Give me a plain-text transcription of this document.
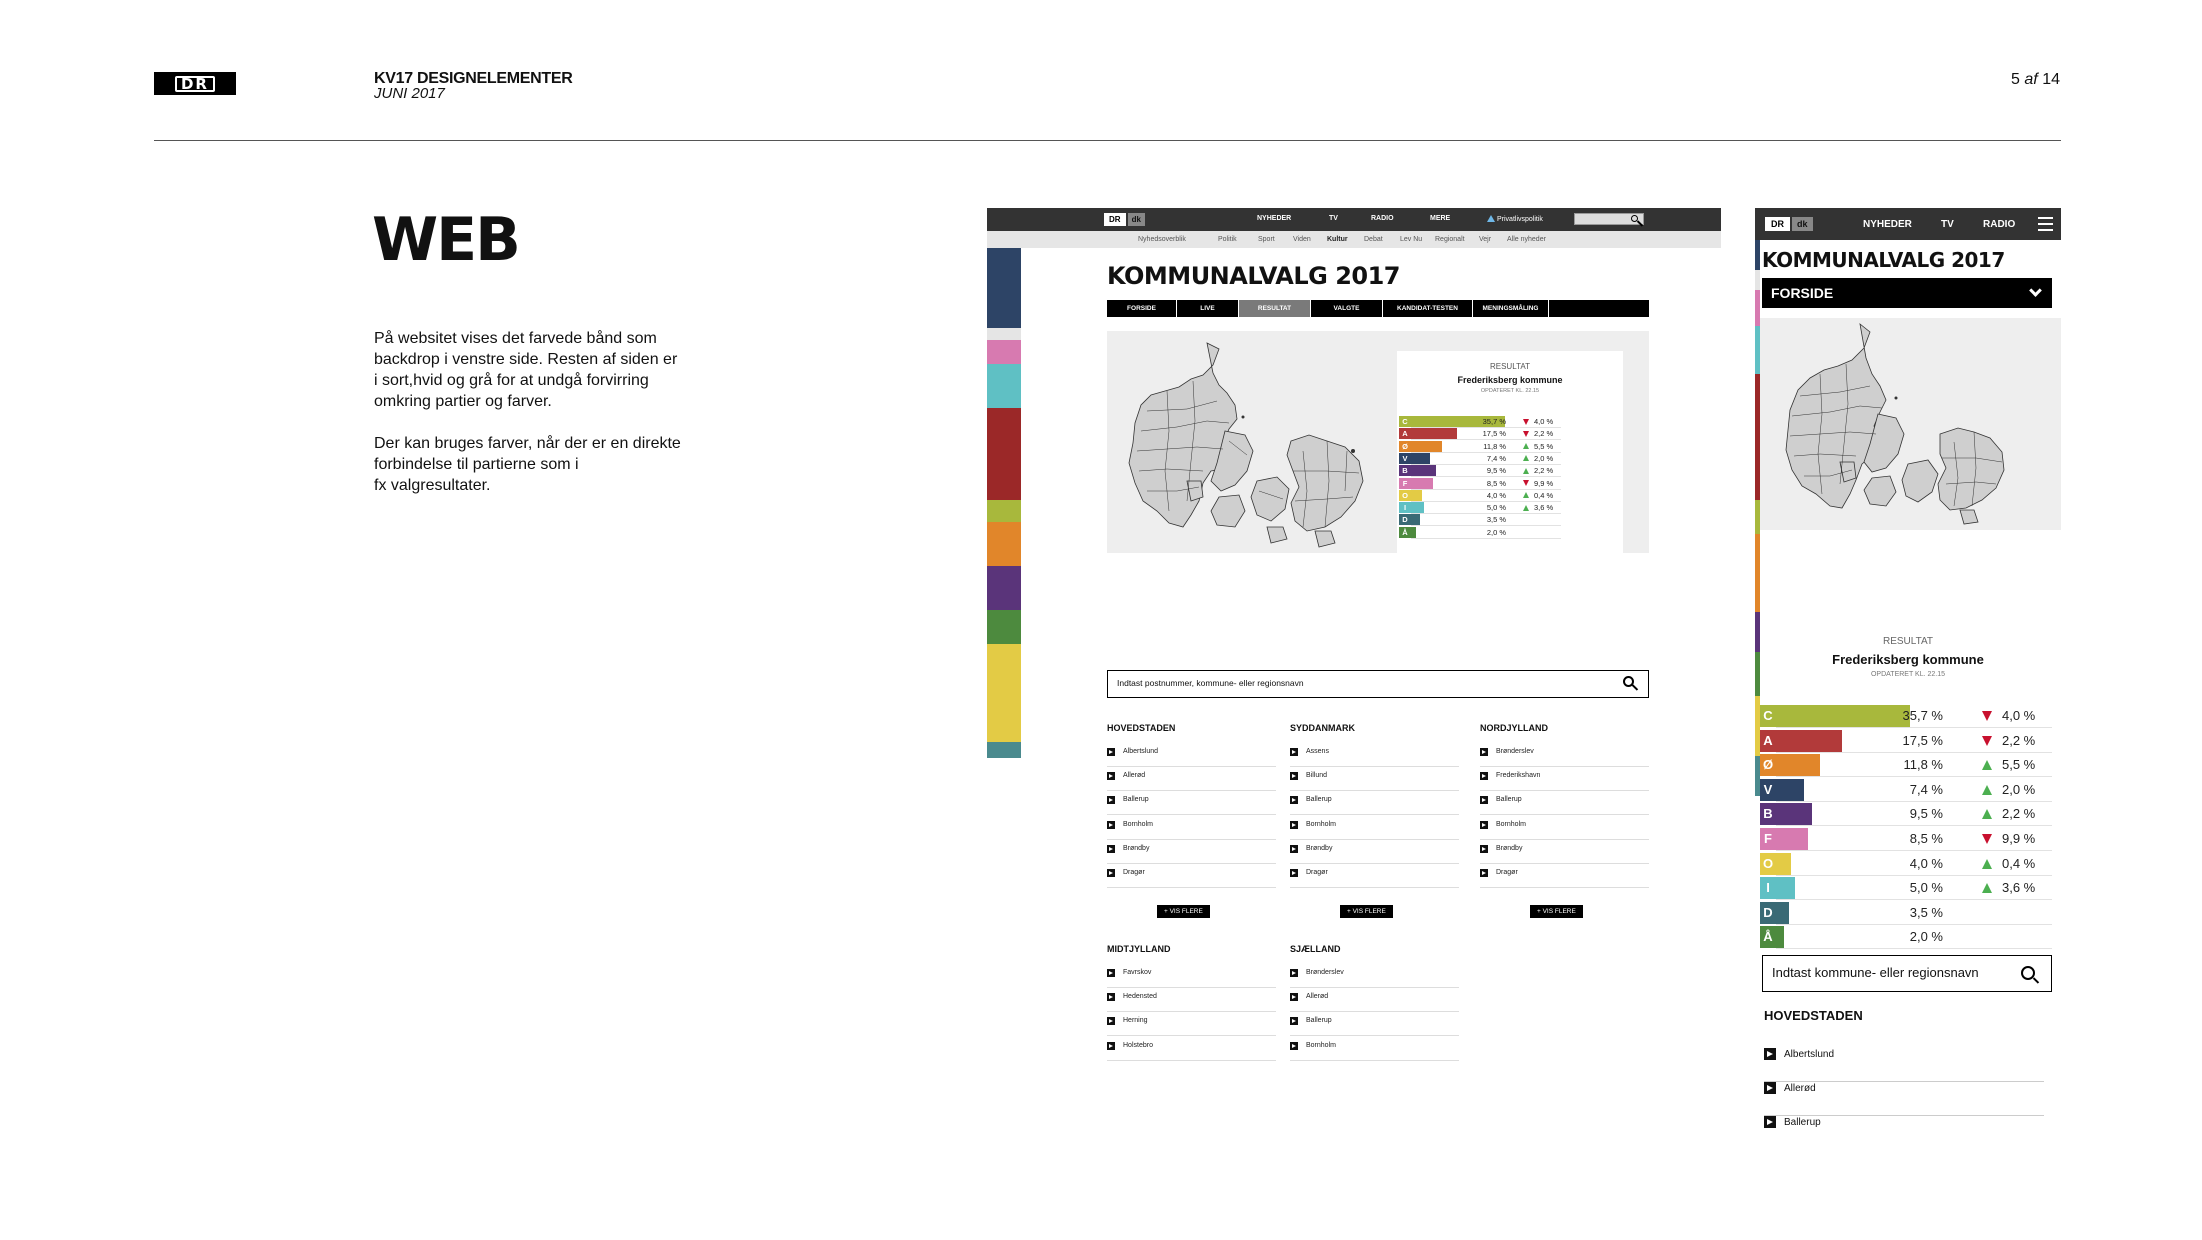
DR	KV17 DESIGNELEMENTER
JUNI 2017
5 af 14
WEB

På websitet vises det farvede bånd som
backdrop i venstre side. Resten af siden er
i sort,hvid og grå for at undgå forvirring
omkring partier og farver.

Der kan bruges farver, når der er en direkte
forbindelse til partierne som i
fx valgresultater.

DR	dk	NYHEDER	TV	RADIO	MERE	Privatlivspolitik
Nyhedsoverblik	Politik	Sport	Viden Kultur Debat Lev Nu Regionalt Vejr Alle nyheder
KOMMUNALVALG 2017
FORSIDE	LIVE	RESULTAT	VALGTE	KANDIDAT-TESTEN	MENINGSMÅLING
RESULTAT
Frederiksberg kommune
OPDATERET KL. 22.15
C	35,7 %	4,0 %
A	17,5 %	2,2 %
Ø	11,8 %	5,5 %
V	7,4 %	2,0 %
B	9,5 %	2,2 %
F	8,5 %	9,9 %
O	4,0 %	0,4 %
I	5,0 %	3,6 %
D	3,5 %
Å	2,0 %
Indtast postnummer, kommune- eller regionsnavn
HOVEDSTADEN
Albertslund
Allerød
Ballerup
Bornholm
Brøndby
Dragør
+ VIS FLERE
SYDDANMARK
Assens
Billund
Ballerup
Bornholm
Brøndby
Dragør
+ VIS FLERE
NORDJYLLAND
Brønderslev
Frederikshavn
Ballerup
Bornholm
Brøndby
Dragør
+ VIS FLERE
MIDTJYLLAND
Favrskov
Hedensted
Herning
Holstebro
SJÆLLAND
Brønderslev
Allerød
Ballerup
Bornholm
DR	dk	NYHEDER	TV	RADIO
KOMMUNALVALG 2017
FORSIDE
RESULTAT
Frederiksberg kommune
OPDATERET KL. 22.15
C	35,7 %	4,0 %
A	17,5 %	2,2 %
Ø	11,8 %	5,5 %
V	7,4 %	2,0 %
B	9,5 %	2,2 %
F	8,5 %	9,9 %
O	4,0 %	0,4 %
I	5,0 %	3,6 %
D	3,5 %
Å	2,0 %
Indtast kommune- eller regionsnavn
HOVEDSTADEN
Albertslund
Allerød
Ballerup
